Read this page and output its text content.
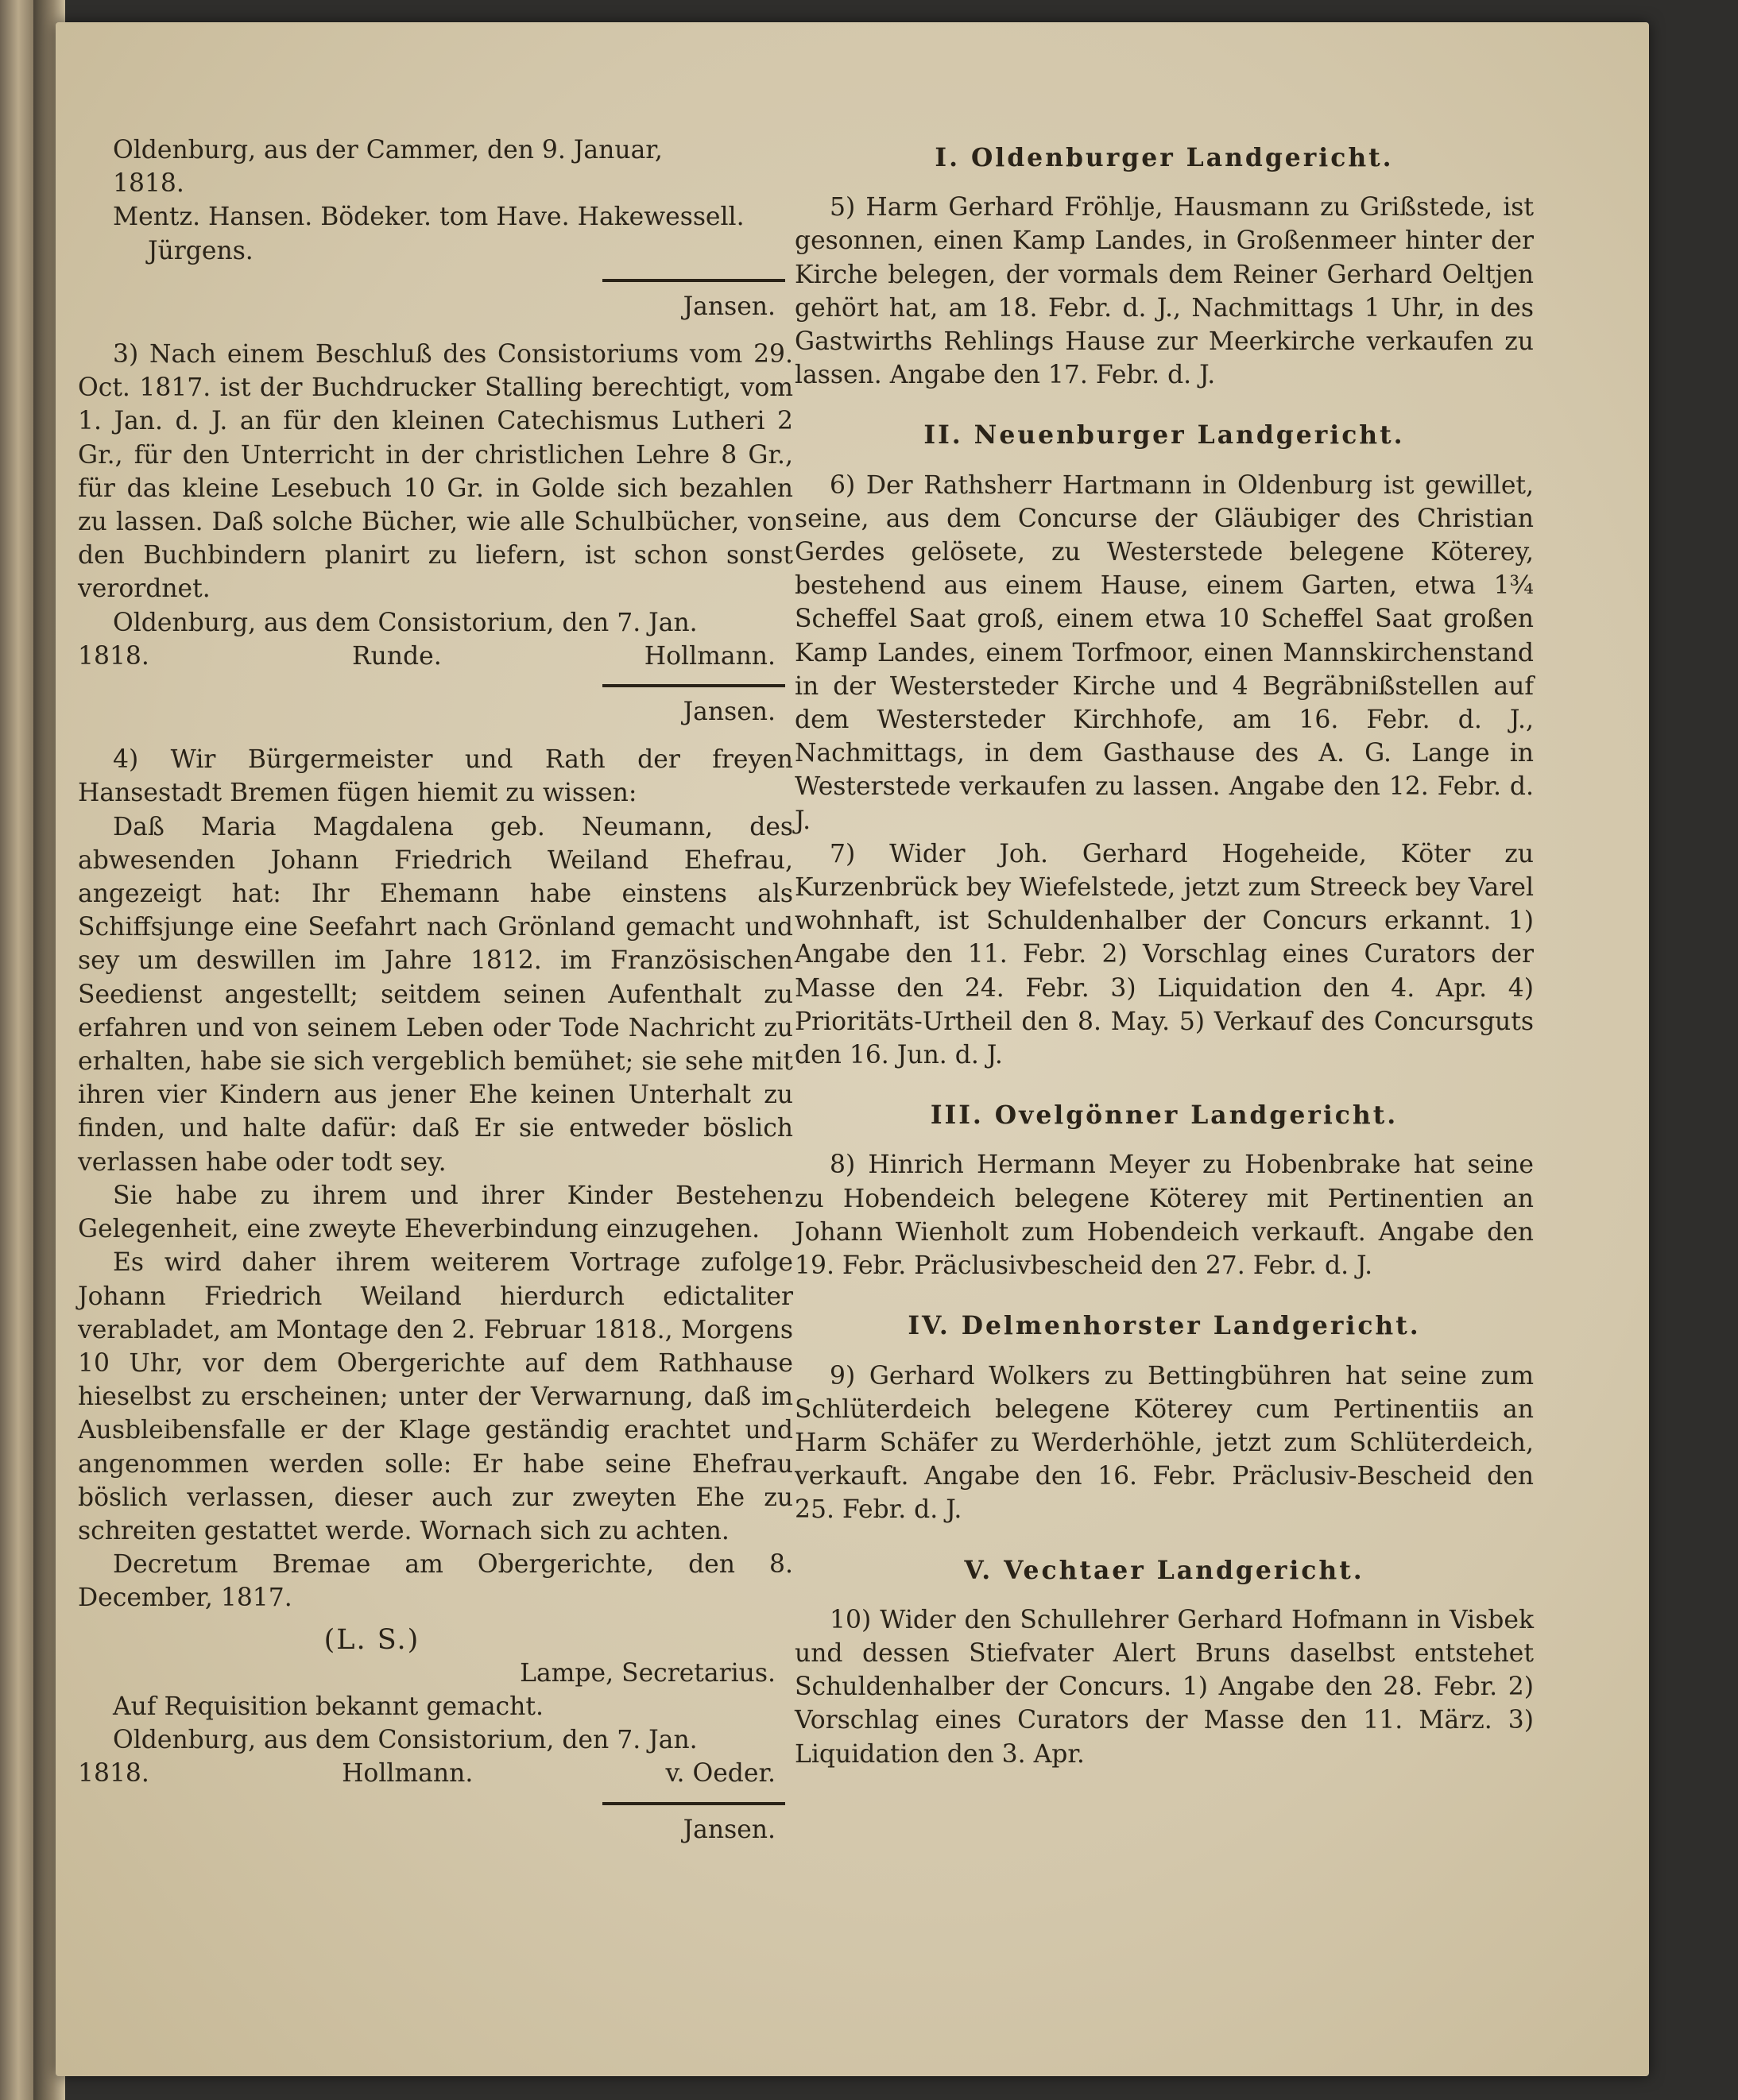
Oldenburg, aus der Cammer, den 9. Januar,

1818.

Mentz. Hansen. Bödeker. tom Have. Hakewessell.

Jürgens.

Jansen.

3) Nach einem Beschluß des Consistoriums vom 29. Oct. 1817. ist der Buchdrucker Stalling berechtigt, vom 1. Jan. d. J. an für den kleinen Catechismus Lutheri 2 Gr., für den Unterricht in der christlichen Lehre 8 Gr., für das kleine Lesebuch 10 Gr. in Golde sich bezahlen zu lassen. Daß solche Bücher, wie alle Schulbücher, von den Buchbindern planirt zu liefern, ist schon sonst verordnet.

Oldenburg, aus dem Consistorium, den 7. Jan.

1818.	Runde.	Hollmann.

Jansen.

4) Wir Bürgermeister und Rath der freyen Hansestadt Bremen fügen hiemit zu wissen:

Daß Maria Magdalena geb. Neumann, des abwesenden Johann Friedrich Weiland Ehefrau, angezeigt hat: Ihr Ehemann habe einstens als Schiffsjunge eine Seefahrt nach Grönland gemacht und sey um deswillen im Jahre 1812. im Französischen Seedienst angestellt; seitdem seinen Aufenthalt zu erfahren und von seinem Leben oder Tode Nachricht zu erhalten, habe sie sich vergeblich bemühet; sie sehe mit ihren vier Kindern aus jener Ehe keinen Unterhalt zu finden, und halte dafür: daß Er sie entweder böslich verlassen habe oder todt sey.

Sie habe zu ihrem und ihrer Kinder Bestehen Gelegenheit, eine zweyte Eheverbindung einzugehen.

Es wird daher ihrem weiterem Vortrage zufolge Johann Friedrich Weiland hierdurch edictaliter verabladet, am Montage den 2. Februar 1818., Morgens 10 Uhr, vor dem Obergerichte auf dem Rathhause hieselbst zu erscheinen; unter der Verwarnung, daß im Ausbleibensfalle er der Klage geständig erachtet und angenommen werden solle: Er habe seine Ehefrau böslich verlassen, dieser auch zur zweyten Ehe zu schreiten gestattet werde. Wornach sich zu achten.

Decretum Bremae am Obergerichte, den 8. December, 1817.

(L. S.)

Lampe, Secretarius.

Auf Requisition bekannt gemacht.

Oldenburg, aus dem Consistorium, den 7. Jan.

1818.	Hollmann.	v. Oeder.

Jansen.

I. Oldenburger Landgericht.

5) Harm Gerhard Fröhlje, Hausmann zu Grißstede, ist gesonnen, einen Kamp Landes, in Großenmeer hinter der Kirche belegen, der vormals dem Reiner Gerhard Oeltjen gehört hat, am 18. Febr. d. J., Nachmittags 1 Uhr, in des Gastwirths Rehlings Hause zur Meerkirche verkaufen zu lassen. Angabe den 17. Febr. d. J.

II. Neuenburger Landgericht.

6) Der Rathsherr Hartmann in Oldenburg ist gewillet, seine, aus dem Concurse der Gläubiger des Christian Gerdes gelösete, zu Westerstede belegene Köterey, bestehend aus einem Hause, einem Garten, etwa 1¾ Scheffel Saat groß, einem etwa 10 Scheffel Saat großen Kamp Landes, einem Torfmoor, einen Mannskirchenstand in der Westersteder Kirche und 4 Begräbnißstellen auf dem Westersteder Kirchhofe, am 16. Febr. d. J., Nachmittags, in dem Gasthause des A. G. Lange in Westerstede verkaufen zu lassen. Angabe den 12. Febr. d. J.

7) Wider Joh. Gerhard Hogeheide, Köter zu Kurzenbrück bey Wiefelstede, jetzt zum Streeck bey Varel wohnhaft, ist Schuldenhalber der Concurs erkannt. 1) Angabe den 11. Febr. 2) Vorschlag eines Curators der Masse den 24. Febr. 3) Liquidation den 4. Apr. 4) Prioritäts-Urtheil den 8. May. 5) Verkauf des Concursguts den 16. Jun. d. J.

III. Ovelgönner Landgericht.

8) Hinrich Hermann Meyer zu Hobenbrake hat seine zu Hobendeich belegene Köterey mit Pertinentien an Johann Wienholt zum Hobendeich verkauft. Angabe den 19. Febr. Präclusivbescheid den 27. Febr. d. J.

IV. Delmenhorster Landgericht.

9) Gerhard Wolkers zu Bettingbühren hat seine zum Schlüterdeich belegene Köterey cum Pertinentiis an Harm Schäfer zu Werderhöhle, jetzt zum Schlüterdeich, verkauft. Angabe den 16. Febr. Präclusiv-Bescheid den 25. Febr. d. J.

V. Vechtaer Landgericht.

10) Wider den Schullehrer Gerhard Hofmann in Visbek und dessen Stiefvater Alert Bruns daselbst entstehet Schuldenhalber der Concurs. 1) Angabe den 28. Febr. 2) Vorschlag eines Curators der Masse den 11. März. 3) Liquidation den 3. Apr.
